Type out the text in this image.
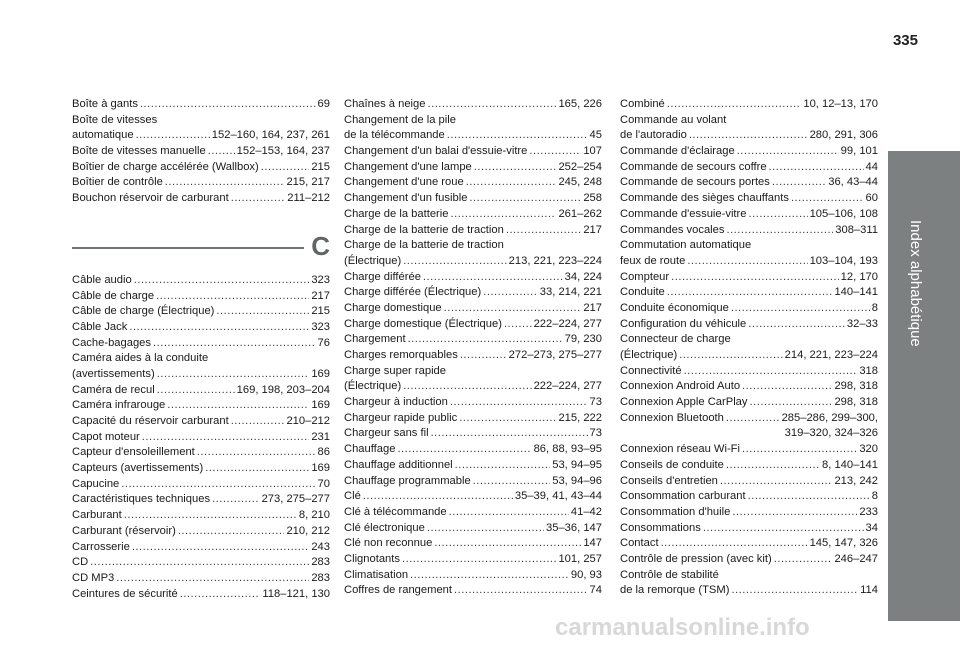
335
Index alphabétique
Boîte à gants .....	69
Boîte de vitesses
automatique .....	152–160, 164, 237, 261
Boîte de vitesses manuelle .....	152–153, 164, 237
Boîtier de charge accélérée (Wallbox) .....	215
Boîtier de contrôle .....	215, 217
Bouchon réservoir de carburant .....	211–212
C
Câble audio .....	323
Câble de charge .....	217
Câble de charge (Électrique) .....	215
Câble Jack .....	323
Cache-bagages .....	76
Caméra aides à la conduite
(avertissements) .....	169
Caméra de recul .....	169, 198, 203–204
Caméra infrarouge .....	169
Capacité du réservoir carburant .....	210–212
Capot moteur .....	231
Capteur d'ensoleillement .....	86
Capteurs (avertissements) .....	169
Capucine .....	70
Caractéristiques techniques .....	273, 275–277
Carburant .....	8, 210
Carburant (réservoir) .....	210, 212
Carrosserie .....	243
CD .....	283
CD MP3 .....	283
Ceintures de sécurité .....	118–121, 130
Chaînes à neige .....	165, 226
Changement de la pile
de la télécommande .....	45
Changement d'un balai d'essuie-vitre .....	107
Changement d'une lampe .....	252–254
Changement d'une roue .....	245, 248
Changement d'un fusible .....	258
Charge de la batterie .....	261–262
Charge de la batterie de traction .....	217
Charge de la batterie de traction
(Électrique) .....	213, 221, 223–224
Charge différée .....	34, 224
Charge différée (Électrique) .....	33, 214, 221
Charge domestique .....	217
Charge domestique (Électrique) .....	222–224, 277
Chargement .....	79, 230
Charges remorquables .....	272–273, 275–277
Charge super rapide
(Électrique) .....	222–224, 277
Chargeur à induction .....	73
Chargeur rapide public .....	215, 222
Chargeur sans fil .....	73
Chauffage .....	86, 88, 93–95
Chauffage additionnel .....	53, 94–95
Chauffage programmable .....	53, 94–96
Clé .....	35–39, 41, 43–44
Clé à télécommande .....	41–42
Clé électronique .....	35–36, 147
Clé non reconnue .....	147
Clignotants .....	101, 257
Climatisation .....	90, 93
Coffres de rangement .....	74
Combiné .....	10, 12–13, 170
Commande au volant
de l'autoradio .....	280, 291, 306
Commande d'éclairage .....	99, 101
Commande de secours coffre .....	44
Commande de secours portes .....	36, 43–44
Commande des sièges chauffants .....	60
Commande d'essuie-vitre .....	105–106, 108
Commandes vocales .....	308–311
Commutation automatique
feux de route .....	103–104, 193
Compteur .....	12, 170
Conduite .....	140–141
Conduite économique .....	8
Configuration du véhicule .....	32–33
Connecteur de charge
(Électrique) .....	214, 221, 223–224
Connectivité .....	318
Connexion Android Auto .....	298, 318
Connexion Apple CarPlay .....	298, 318
Connexion Bluetooth .....	285–286, 299–300,
319–320, 324–326
Connexion réseau Wi-Fi .....	320
Conseils de conduite .....	8, 140–141
Conseils d'entretien .....	213, 242
Consommation carburant .....	8
Consommation d'huile .....	233
Consommations .....	34
Contact .....	145, 147, 326
Contrôle de pression (avec kit) .....	246–247
Contrôle de stabilité
de la remorque (TSM) .....	114
carmanualsonline.info
